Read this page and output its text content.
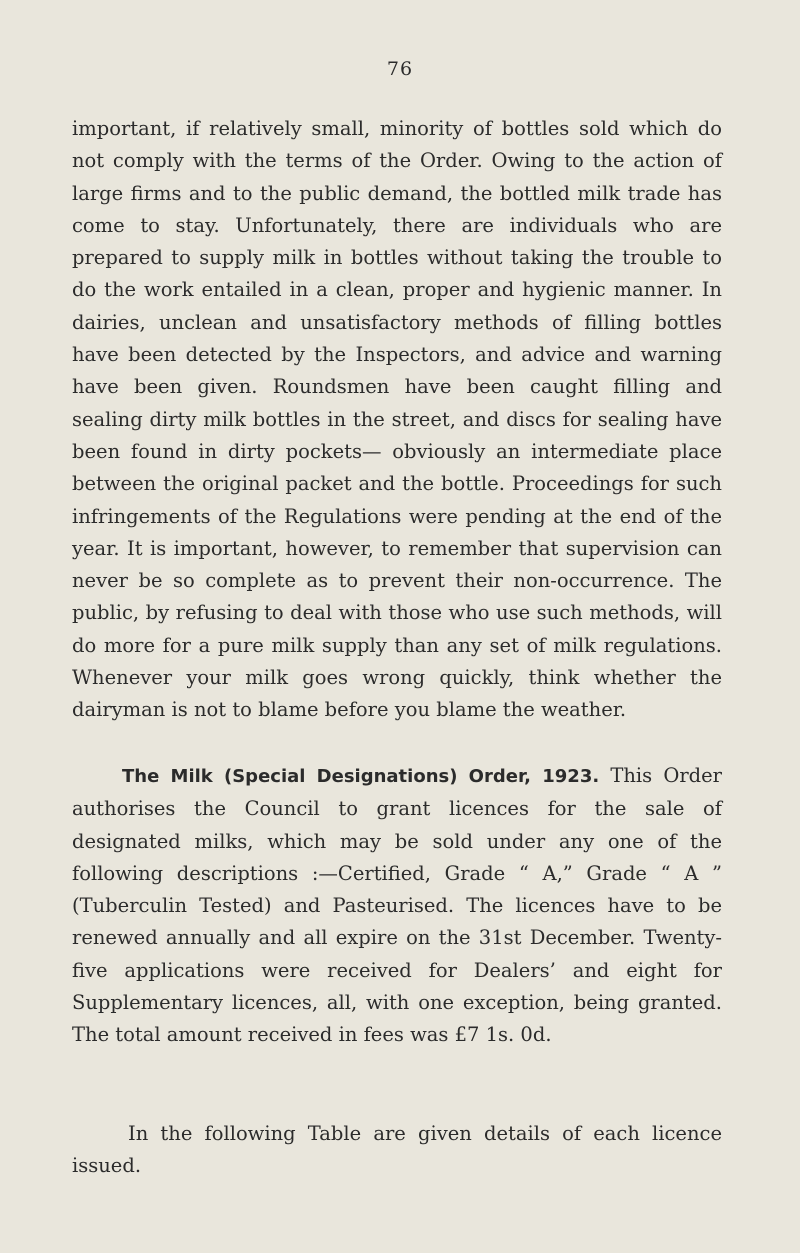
76

important, if relatively small, minority of bottles sold which do not comply with the terms of the Order. Owing to the action of large firms and to the public demand, the bottled milk trade has come to stay. Unfortunately, there are individuals who are prepared to supply milk in bottles without taking the trouble to do the work entailed in a clean, proper and hygienic manner. In dairies, unclean and unsatisfactory methods of filling bottles have been detected by the Inspectors, and advice and warning have been given. Roundsmen have been caught filling and sealing dirty milk bottles in the street, and discs for sealing have been found in dirty pockets— obviously an intermediate place between the original packet and the bottle. Proceedings for such infringements of the Regulations were pending at the end of the year. It is important, however, to remember that supervision can never be so complete as to prevent their non-occurrence. The public, by refusing to deal with those who use such methods, will do more for a pure milk supply than any set of milk regulations. Whenever your milk goes wrong quickly, think whether the dairyman is not to blame before you blame the weather.

The Milk (Special Designations) Order, 1923. This Order authorises the Council to grant licences for the sale of designated milks, which may be sold under any one of the following descriptions :—Certified, Grade “ A,” Grade “ A ” (Tuberculin Tested) and Pasteurised. The licences have to be renewed annually and all expire on the 31st December. Twenty-five applications were received for Dealers’ and eight for Supplementary licences, all, with one exception, being granted. The total amount received in fees was £7 1s. 0d.

In the following Table are given details of each licence issued.
